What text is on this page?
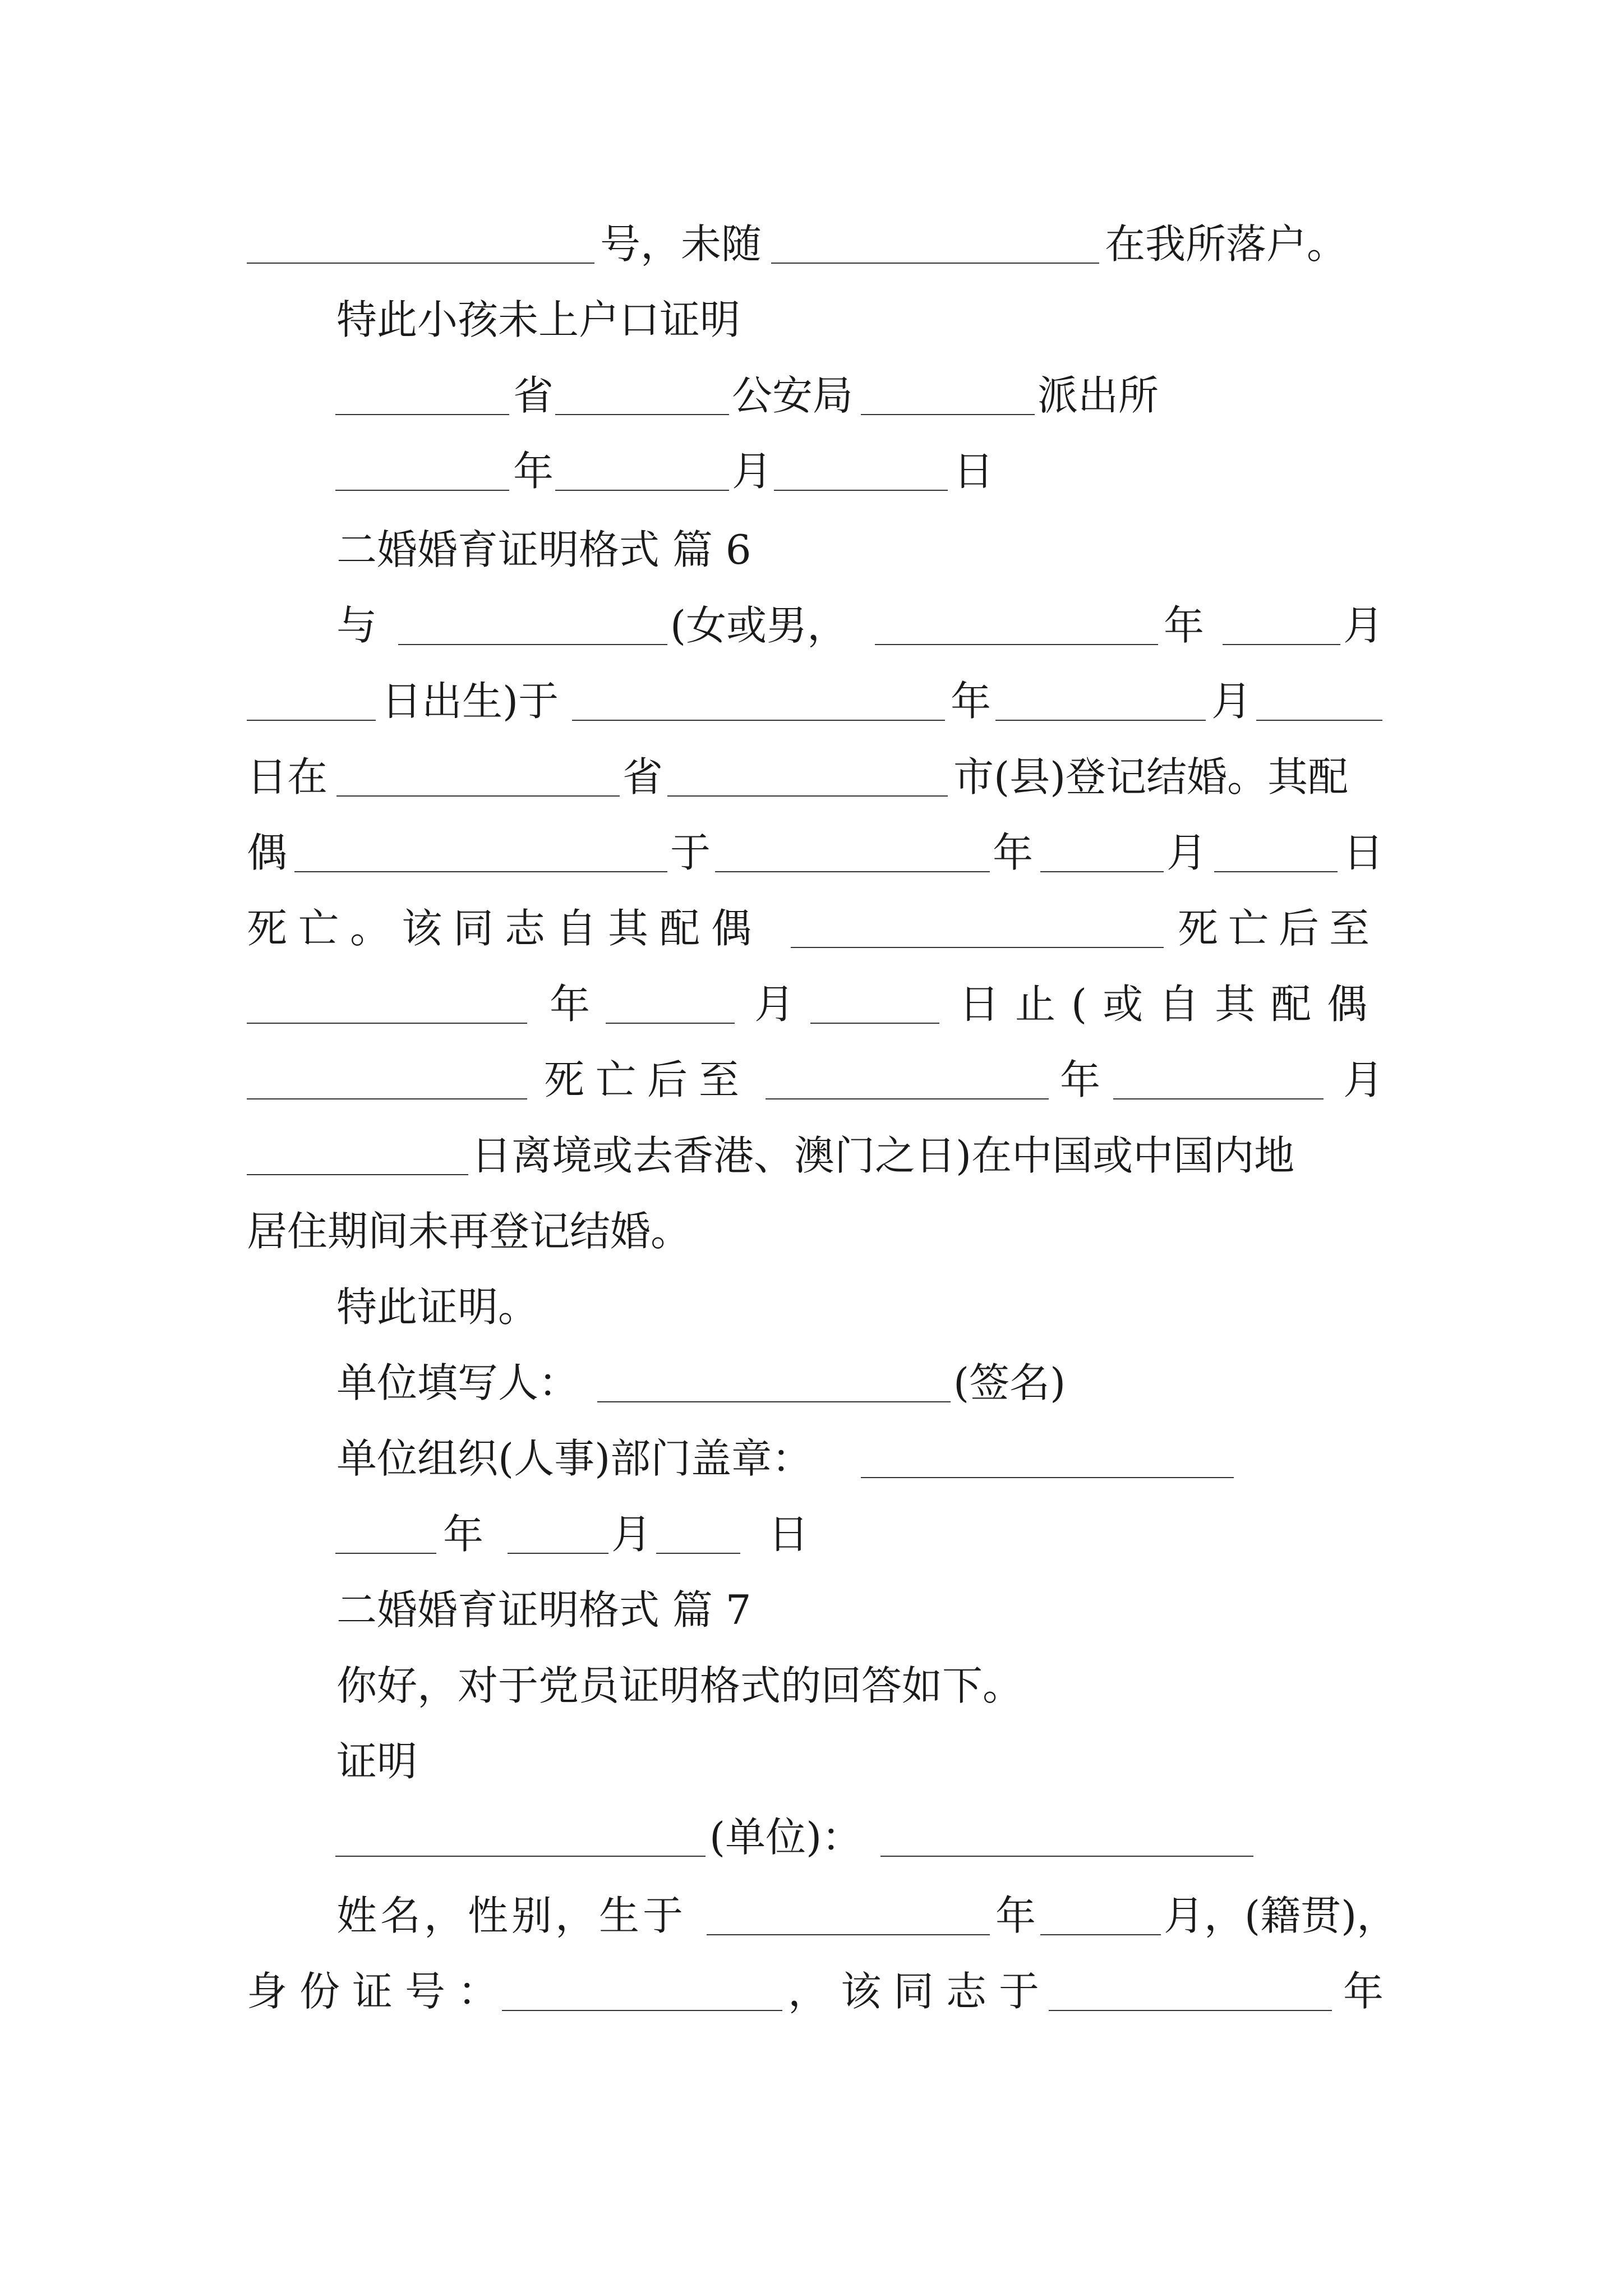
号，未随	在我所落户。
特此小孩未上户口证明
省	公安局	派出所
年	月	日
二婚婚育证明格式 篇 6
与	(女或男，	年	月
日出生)于	年	月
日在	省	市(县)登记结婚。其配
偶	于	年	月	日
死亡。该同志自其配偶	死亡后至
年	月	日止(或自其配偶
死亡后至	年	月
日离境或去香港、澳门之日)在中国或中国内地
居住期间未再登记结婚。
特此证明。
单位填写人：	(签名)
单位组织(人事)部门盖章：
年	月	日
二婚婚育证明格式 篇 7
你好，对于党员证明格式的回答如下。
证明
(单位)：
姓名，性别，生于	年	月，(籍贯)，
身份证号：	，该同志于	年
